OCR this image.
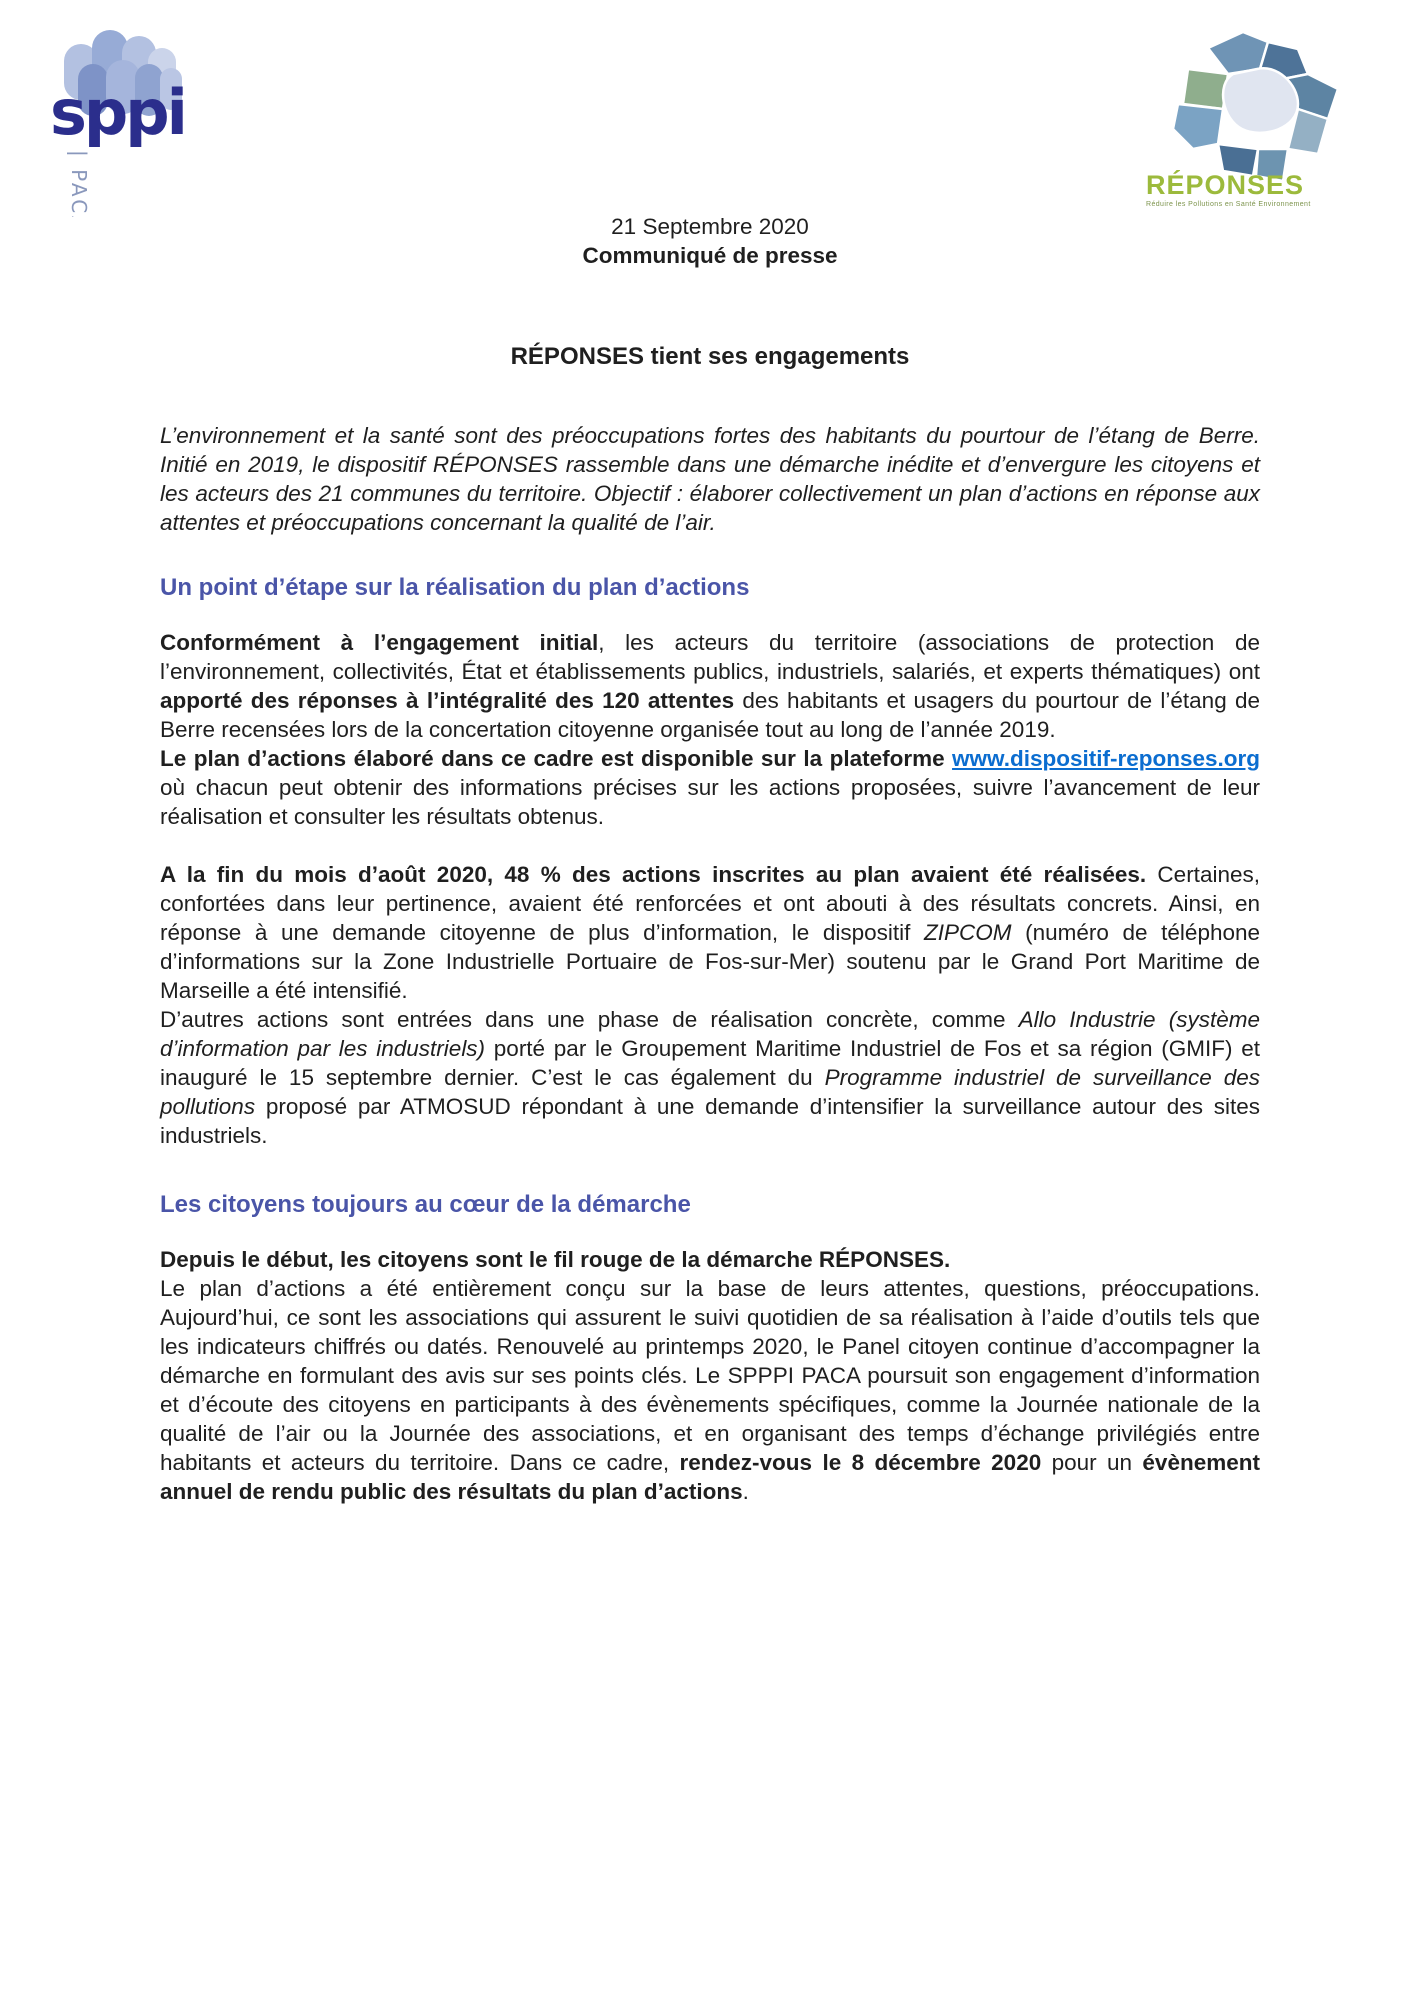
sppi
| PACA	RÉPONSES
Réduire les Pollutions en Santé Environnement
21 Septembre 2020
Communiqué de presse
RÉPONSES tient ses engagements

L’environnement et la santé sont des préoccupations fortes des habitants du pourtour de l’étang de Berre. Initié en 2019, le dispositif RÉPONSES rassemble dans une démarche inédite et d’envergure les citoyens et les acteurs des 21 communes du territoire. Objectif : élaborer collectivement un plan d’actions en réponse aux attentes et préoccupations concernant la qualité de l’air.

Un point d’étape sur la réalisation du plan d’actions

Conformément à l’engagement initial, les acteurs du territoire (associations de protection de l’environnement, collectivités, État et établissements publics, industriels, salariés, et experts thématiques) ont apporté des réponses à l’intégralité des 120 attentes des habitants et usagers du pourtour de l’étang de Berre recensées lors de la concertation citoyenne organisée tout au long de l’année 2019.

Le plan d’actions élaboré dans ce cadre est disponible sur la plateforme www.dispositif-reponses.org où chacun peut obtenir des informations précises sur les actions proposées, suivre l’avancement de leur réalisation et consulter les résultats obtenus.

A la fin du mois d’août 2020, 48 % des actions inscrites au plan avaient été réalisées. Certaines, confortées dans leur pertinence, avaient été renforcées et ont abouti à des résultats concrets. Ainsi, en réponse à une demande citoyenne de plus d’information, le dispositif ZIPCOM (numéro de téléphone d’informations sur la Zone Industrielle Portuaire de Fos-sur-Mer) soutenu par le Grand Port Maritime de Marseille a été intensifié.

D’autres actions sont entrées dans une phase de réalisation concrète, comme Allo Industrie (système d’information par les industriels) porté par le Groupement Maritime Industriel de Fos et sa région (GMIF) et inauguré le 15 septembre dernier. C’est le cas également du Programme industriel de surveillance des pollutions proposé par ATMOSUD répondant à une demande d’intensifier la surveillance autour des sites industriels.

Les citoyens toujours au cœur de la démarche

Depuis le début, les citoyens sont le fil rouge de la démarche RÉPONSES.

Le plan d’actions a été entièrement conçu sur la base de leurs attentes, questions, préoccupations. Aujourd’hui, ce sont les associations qui assurent le suivi quotidien de sa réalisation à l’aide d’outils tels que les indicateurs chiffrés ou datés. Renouvelé au printemps 2020, le Panel citoyen continue d’accompagner la démarche en formulant des avis sur ses points clés. Le SPPPI PACA poursuit son engagement d’information et d’écoute des citoyens en participants à des évènements spécifiques, comme la Journée nationale de la qualité de l’air ou la Journée des associations, et en organisant des temps d’échange privilégiés entre habitants et acteurs du territoire. Dans ce cadre, rendez-vous le 8 décembre 2020 pour un évènement annuel de rendu public des résultats du plan d’actions.
